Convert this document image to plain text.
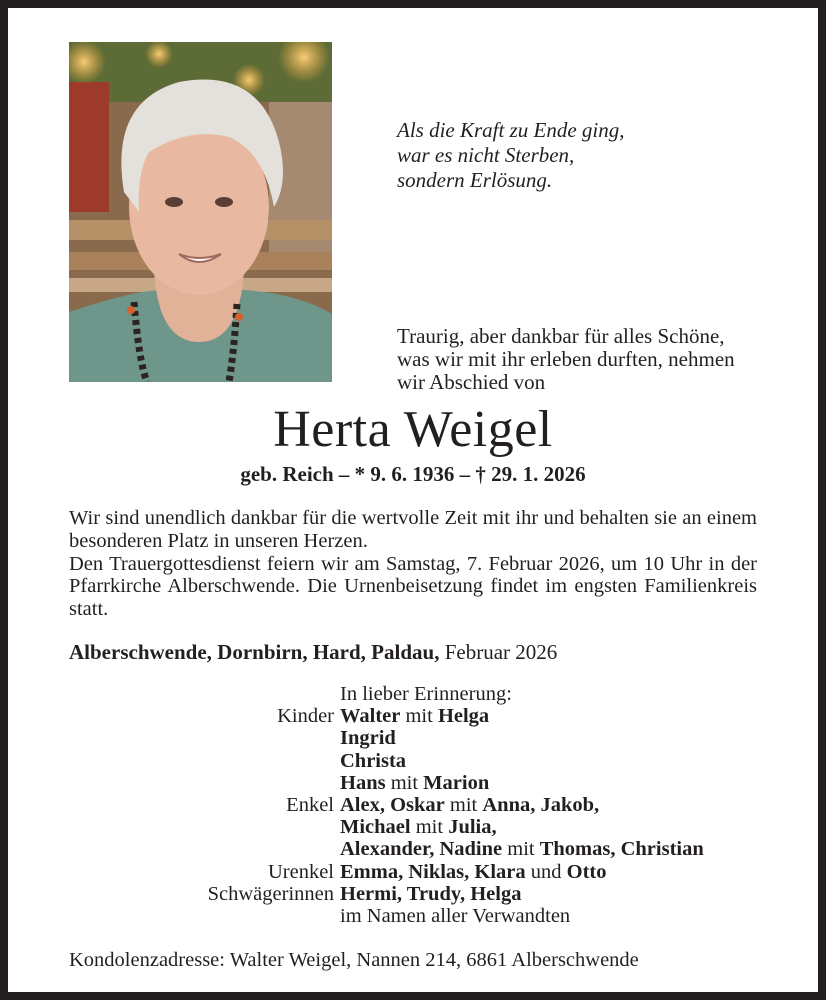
Als die Kraft zu Ende ging,
war es nicht Sterben,
sondern Erlösung.
Traurig, aber dankbar für alles Schöne,
was wir mit ihr erleben durften, nehmen
wir Abschied von
Herta Weigel
geb. Reich – * 9. 6. 1936 – † 29. 1. 2026

Wir sind unendlich dankbar für die wertvolle Zeit mit ihr und behalten sie an einem besonderen Platz in unseren Herzen.

Den Trauergottesdienst feiern wir am Samstag, 7. Februar 2026, um 10 Uhr in der Pfarrkirche Alberschwende. Die Urnenbeisetzung findet im engsten Familienkreis statt.

Alberschwende, Dornbirn, Hard, Paldau, Februar 2026
In lieber Erinnerung:
Kinder Walter mit Helga
Ingrid
Christa
Hans mit Marion
Enkel Alex, Oskar mit Anna, Jakob,
Michael mit Julia,
Alexander, Nadine mit Thomas, Christian
Urenkel Emma, Niklas, Klara und Otto
Schwägerinnen Hermi, Trudy, Helga
im Namen aller Verwandten
Kondolenzadresse: Walter Weigel, Nannen 214, 6861 Alberschwende
